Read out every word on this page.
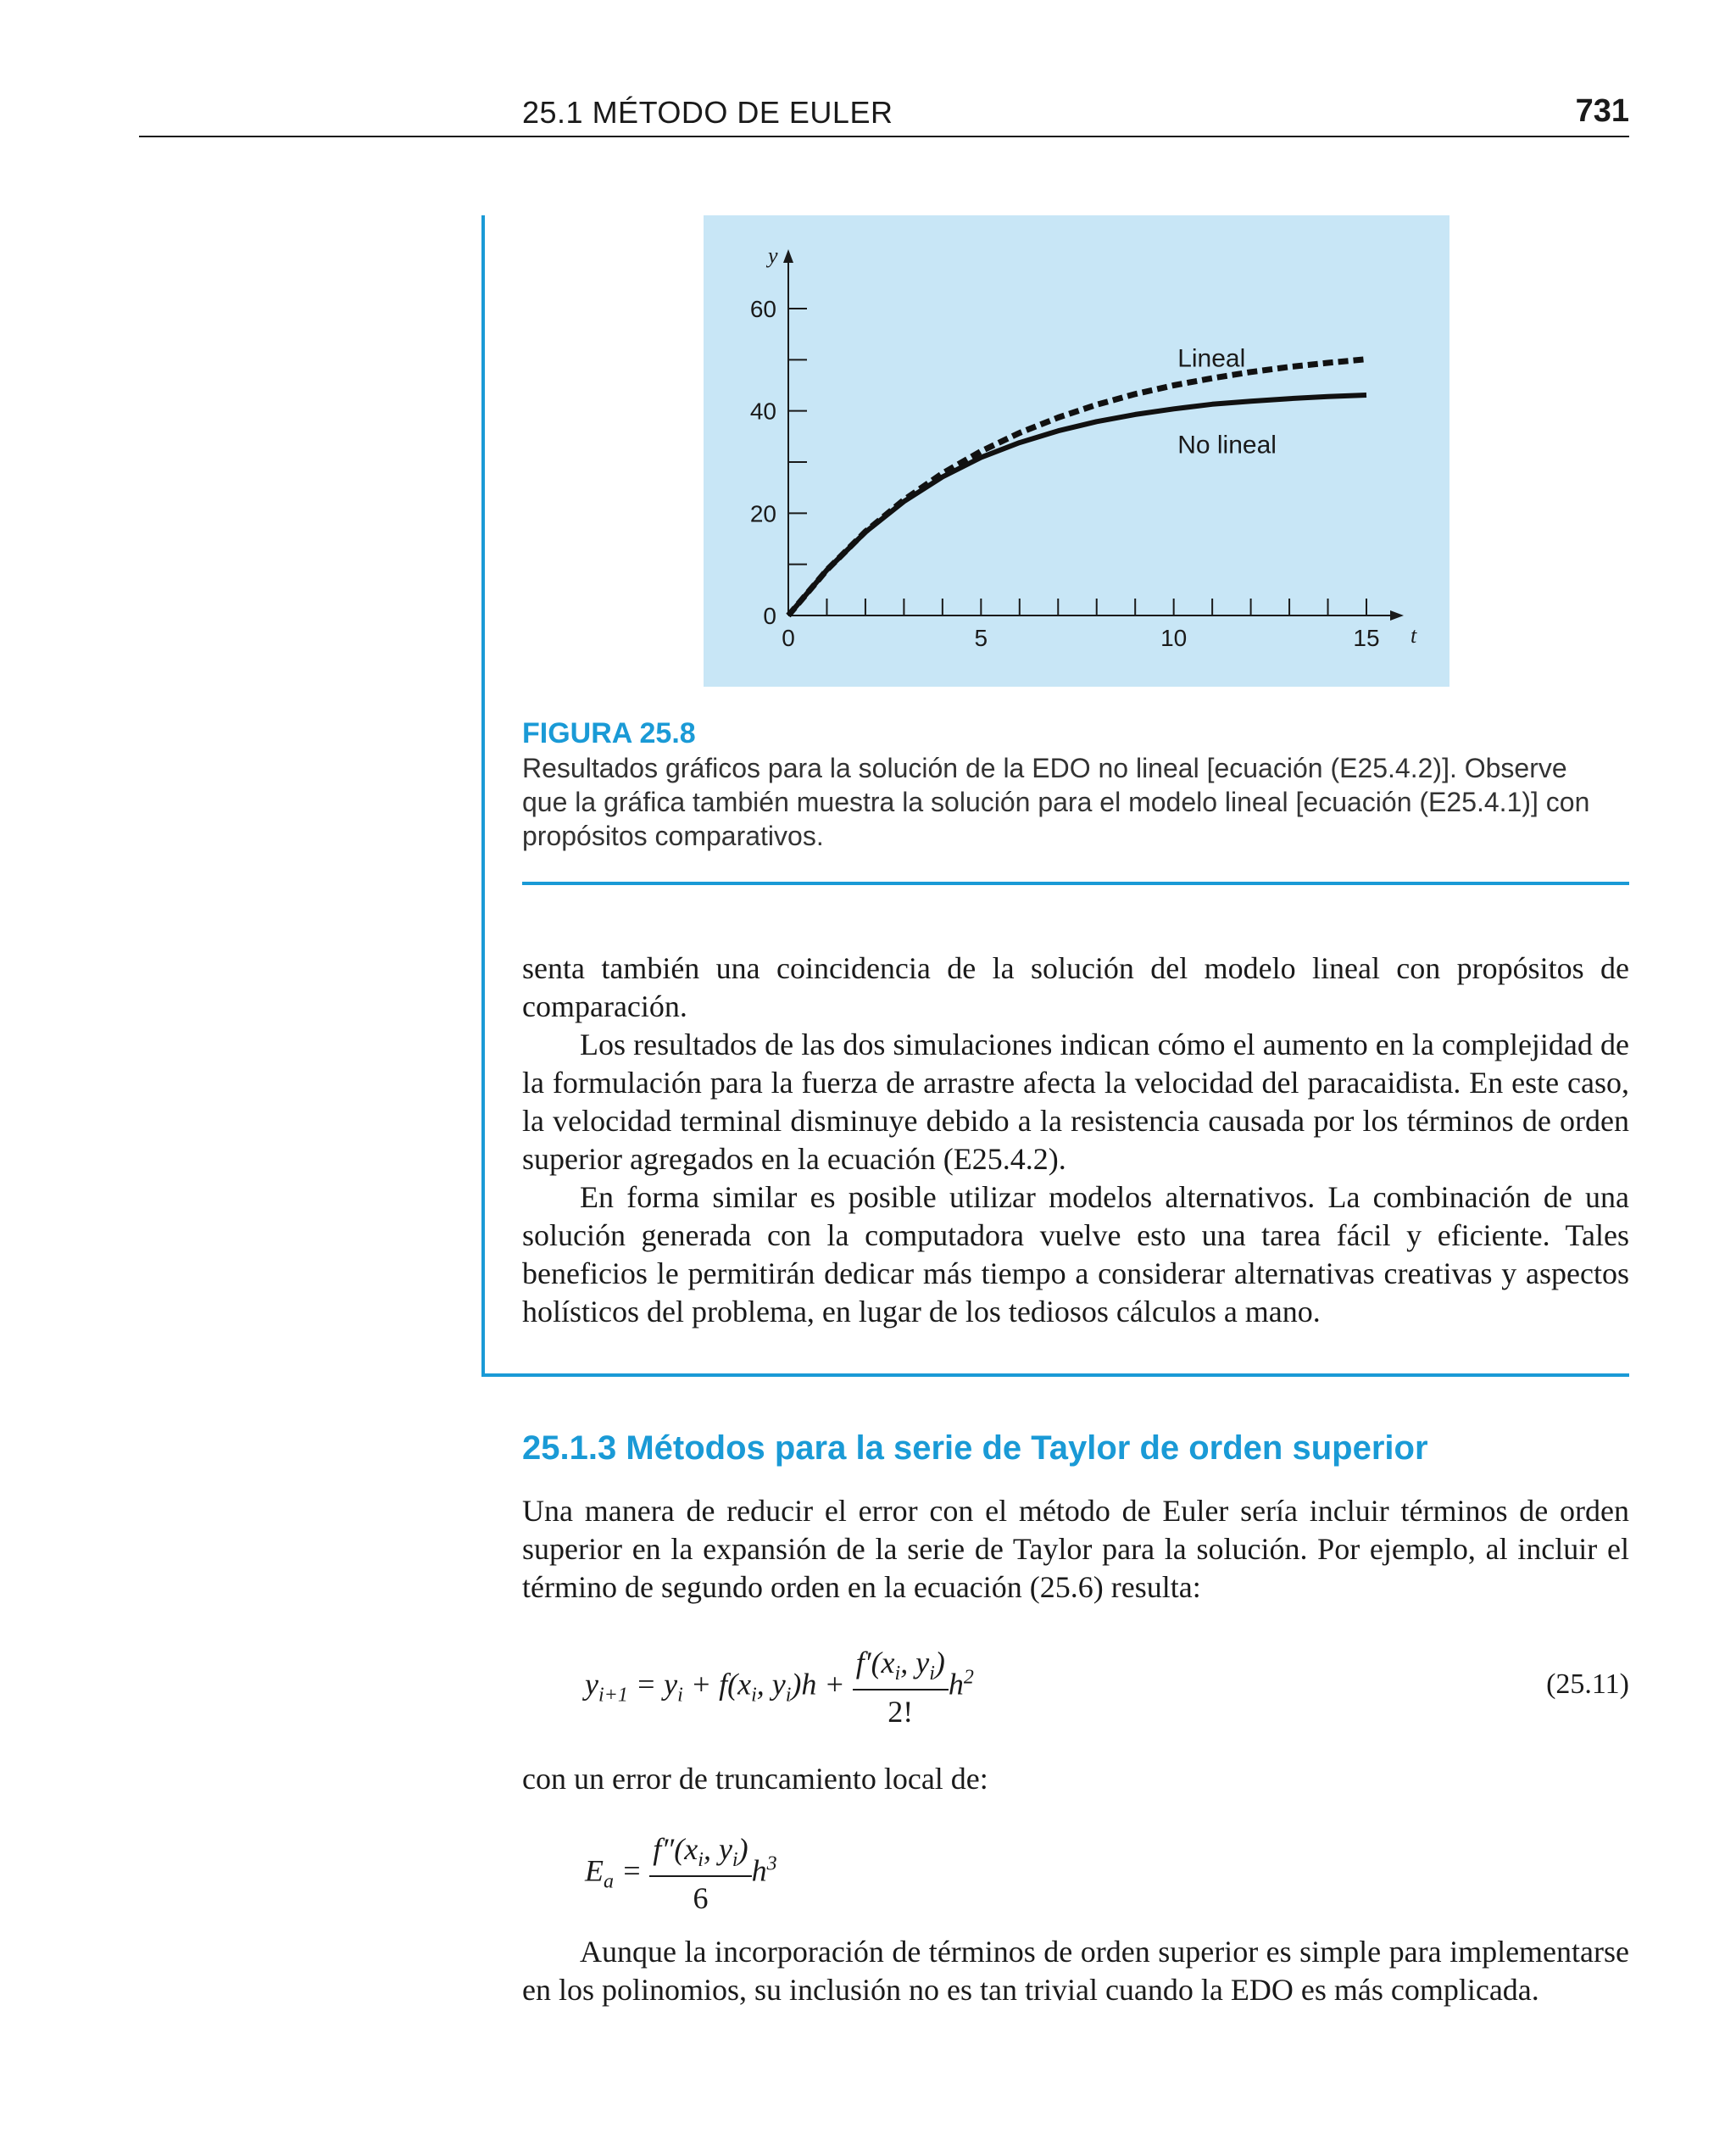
25.1 MÉTODO DE EULER	731
0	5	10	15
0
20
40
60
t
y
Lineal
No lineal
FIGURA 25.8
Resultados gráficos para la solución de la EDO no lineal [ecuación (E25.4.2)]. Observe que la gráfica también muestra la solución para el modelo lineal [ecuación (E25.4.1)] con propósitos comparativos.
senta también una coincidencia de la solución del modelo lineal con propósitos de comparación.
Los resultados de las dos simulaciones indican cómo el aumento en la complejidad de la formulación para la fuerza de arrastre afecta la velocidad del paracaidista. En este caso, la velocidad terminal disminuye debido a la resistencia causada por los términos de orden superior agregados en la ecuación (E25.4.2).
En forma similar es posible utilizar modelos alternativos. La combinación de una solución generada con la computadora vuelve esto una tarea fácil y eficiente. Tales beneficios le permitirán dedicar más tiempo a considerar alternativas creativas y aspectos holísticos del problema, en lugar de los tediosos cálculos a mano.
25.1.3 Métodos para la serie de Taylor de orden superior
Una manera de reducir el error con el método de Euler sería incluir términos de orden superior en la expansión de la serie de Taylor para la solución. Por ejemplo, al incluir el término de segundo orden en la ecuación (25.6) resulta:
$y_{i+1} = y_i + f(x_i$, $y_i)h + \frac{f'(x_i, y_i)}{2!} h^2$	(25.11)
con un error de truncamiento local de:
$E_a = \frac{f''(x_i, y_i)}{6} h^3$
Aunque la incorporación de términos de orden superior es simple para implementarse en los polinomios, su inclusión no es tan trivial cuando la EDO es más complicada.
